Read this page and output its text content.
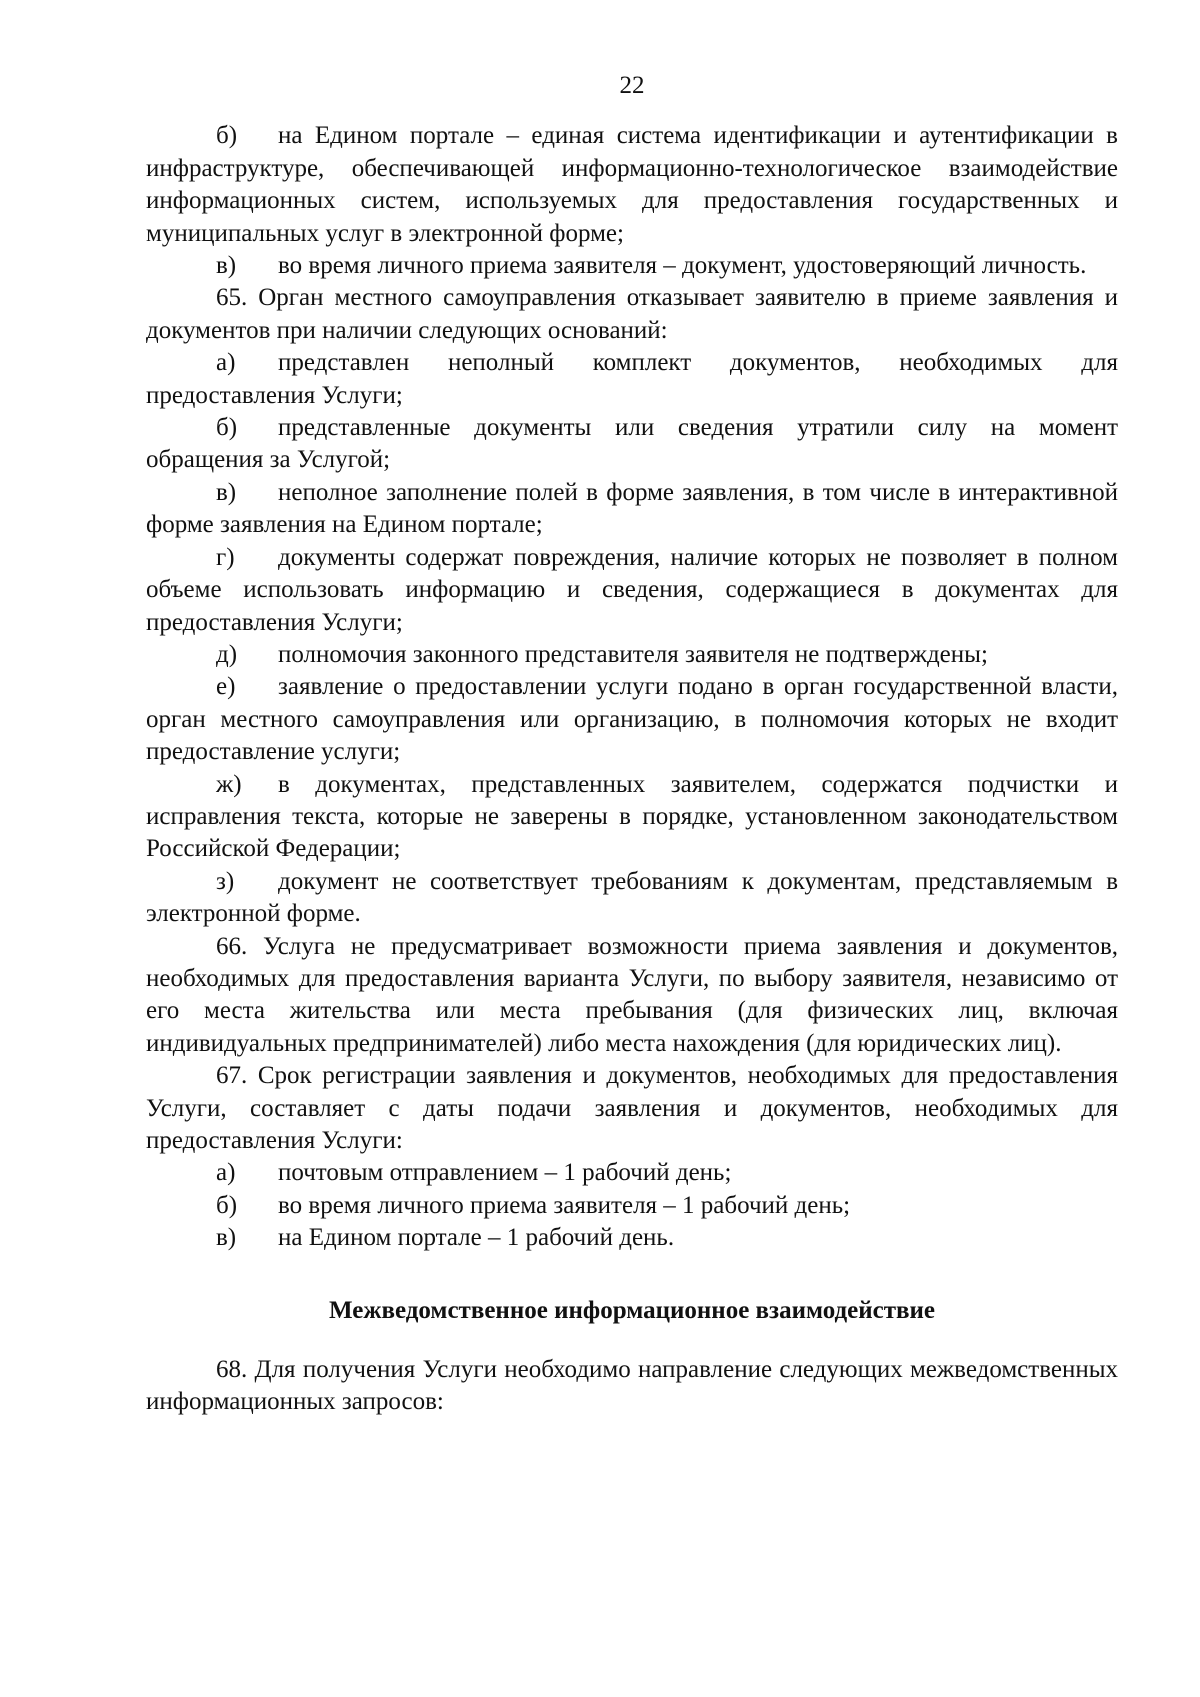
22
б) на Едином портале – единая система идентификации и аутентификации в инфраструктуре, обеспечивающей информационно-технологическое взаимодействие информационных систем, используемых для предоставления государственных и муниципальных услуг в электронной форме;
в) во время личного приема заявителя – документ, удостоверяющий личность.

65. Орган местного самоуправления отказывает заявителю в приеме заявления и документов при наличии следующих оснований:

а) представлен неполный комплект документов, необходимых для предоставления Услуги;
б) представленные документы или сведения утратили силу на момент обращения за Услугой;
в) неполное заполнение полей в форме заявления, в том числе в интерактивной форме заявления на Едином портале;
г) документы содержат повреждения, наличие которых не позволяет в полном объеме использовать информацию и сведения, содержащиеся в документах для предоставления Услуги;
д) полномочия законного представителя заявителя не подтверждены;
е) заявление о предоставлении услуги подано в орган государственной власти, орган местного самоуправления или организацию, в полномочия которых не входит предоставление услуги;
ж) в документах, представленных заявителем, содержатся подчистки и исправления текста, которые не заверены в порядке, установленном законодательством Российской Федерации;
з) документ не соответствует требованиям к документам, представляемым в электронной форме.

66. Услуга не предусматривает возможности приема заявления и документов, необходимых для предоставления варианта Услуги, по выбору заявителя, независимо от его места жительства или места пребывания (для физических лиц, включая индивидуальных предпринимателей) либо места нахождения (для юридических лиц).

67. Срок регистрации заявления и документов, необходимых для предоставления Услуги, составляет с даты подачи заявления и документов, необходимых для предоставления Услуги:

а) почтовым отправлением – 1 рабочий день;
б) во время личного приема заявителя – 1 рабочий день;
в) на Едином портале – 1 рабочий день.
Межведомственное информационное взаимодействие

68. Для получения Услуги необходимо направление следующих межведомственных информационных запросов:
